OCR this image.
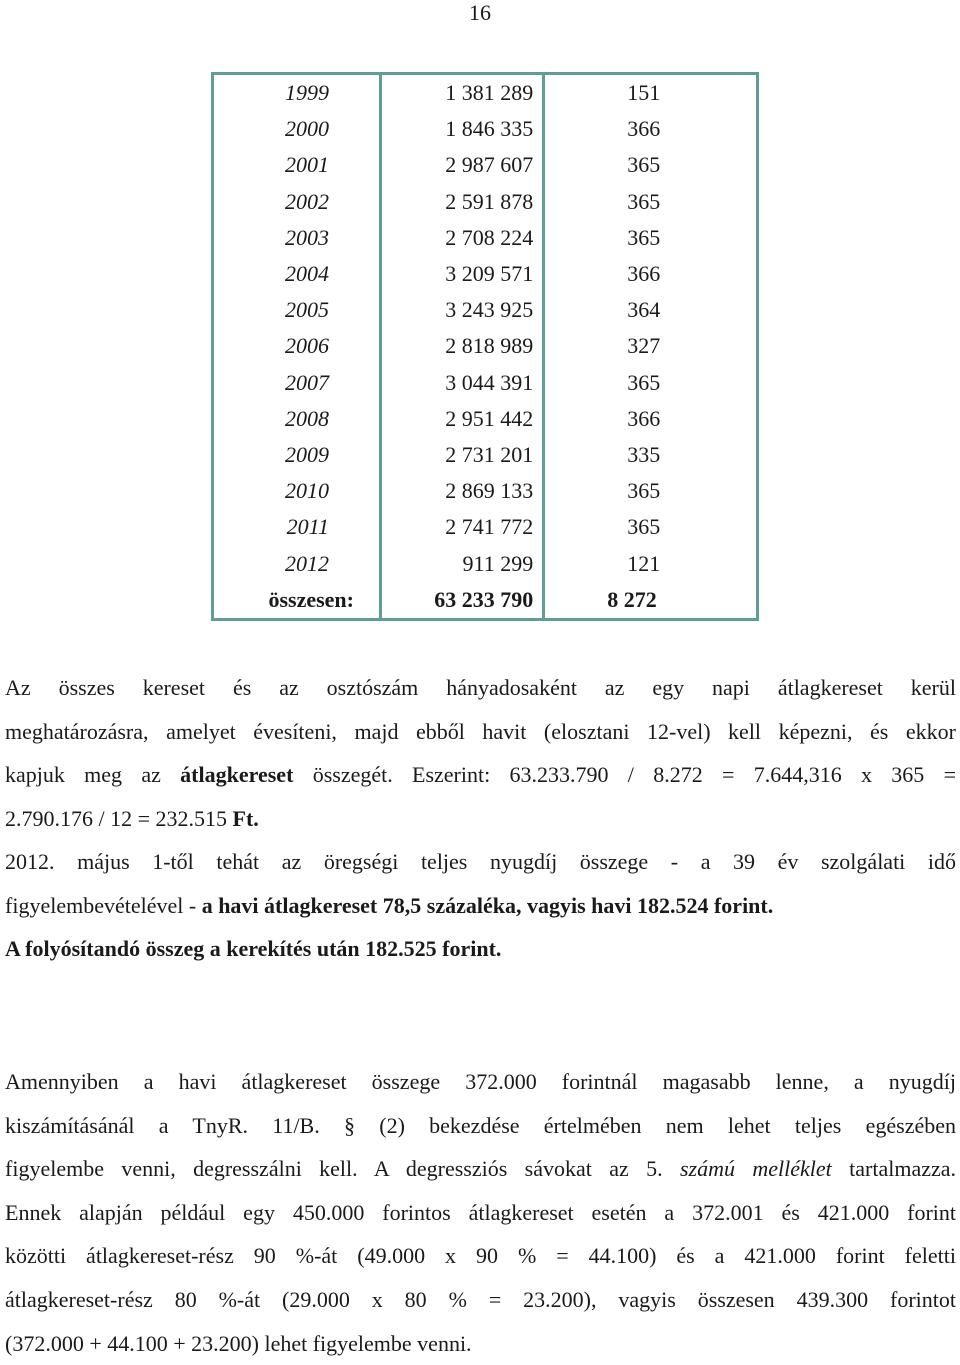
16
1999	1 381 289	151

2000	1 846 335	366

2001	2 987 607	365

2002	2 591 878	365

2003	2 708 224	365

2004	3 209 571	366

2005	3 243 925	364

2006	2 818 989	327

2007	3 044 391	365

2008	2 951 442	366

2009	2 731 201	335

2010	2 869 133	365

2011	2 741 772	365

2012	911 299	121

összesen:	63 233 790	8 272

Az összes kereset és az osztószám hányadosaként az egy napi átlagkereset kerül
meghatározásra, amelyet évesíteni, majd ebből havit (elosztani 12-vel) kell képezni, és ekkor
kapjuk meg az átlagkereset összegét. Eszerint: 63.233.790 / 8.272 = 7.644,316 x 365 =
2.790.176 / 12 = 232.515 Ft.

2012. május 1-től tehát az öregségi teljes nyugdíj összege - a 39 év szolgálati idő
figyelembevételével - a havi átlagkereset 78,5 százaléka, vagyis havi 182.524 forint.
A folyósítandó összeg a kerekítés után 182.525 forint.

Amennyiben a havi átlagkereset összege 372.000 forintnál magasabb lenne, a nyugdíj
kiszámításánál a TnyR. 11/B. § (2) bekezdése értelmében nem lehet teljes egészében
figyelembe venni, degresszálni kell. A degressziós sávokat az 5. számú melléklet tartalmazza.
Ennek alapján például egy 450.000 forintos átlagkereset esetén a 372.001 és 421.000 forint
közötti átlagkereset-rész 90 %-át (49.000 x 90 % = 44.100) és a 421.000 forint feletti
átlagkereset-rész 80 %-át (29.000 x 80 % = 23.200), vagyis összesen 439.300 forintot
(372.000 + 44.100 + 23.200) lehet figyelembe venni.
